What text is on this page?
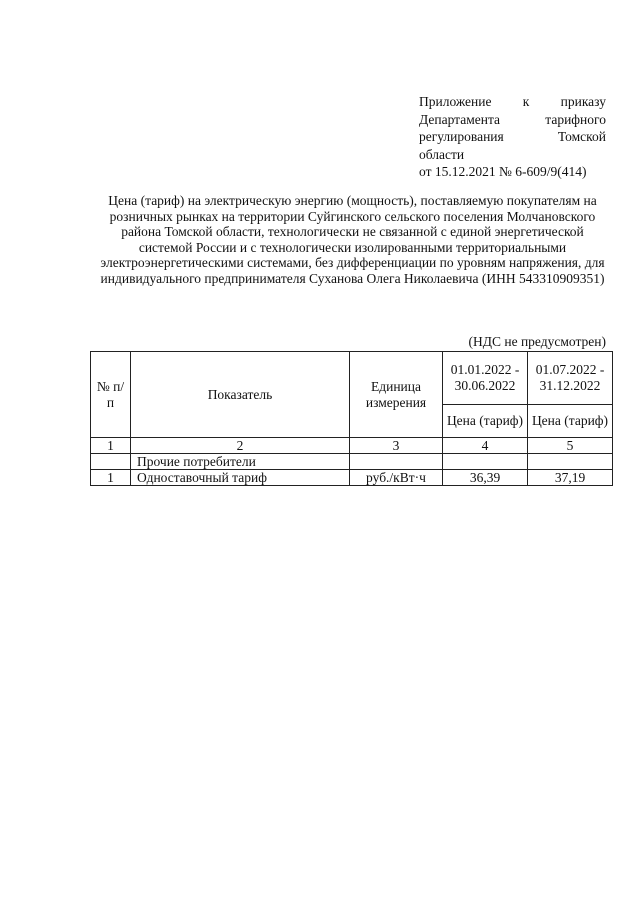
Приложение к приказу
Департамента	тарифного
регулирования	Томской
области
от 15.12.2021 № 6-609/9(414)
Цена (тариф) на электрическую энергию (мощность), поставляемую покупателям на розничных рынках на территории Суйгинского сельского поселения Молчановского района Томской области, технологически не связанной с единой энергетической системой России и с технологически изолированными территориальными электроэнергетическими системами, без дифференциации по уровням напряжения, для индивидуального предпринимателя Суханова Олега Николаевича (ИНН 543310909351)
(НДС не предусмотрен)
№ п/п	Показатель	Единица измерения	01.01.2022 - 30.06.2022	01.07.2022 - 31.12.2022
			Цена (тариф)	Цена (тариф)
1	2	3	4	5
	Прочие потребители			
1	Одноставочный тариф	руб./кВт·ч	36,39	37,19
